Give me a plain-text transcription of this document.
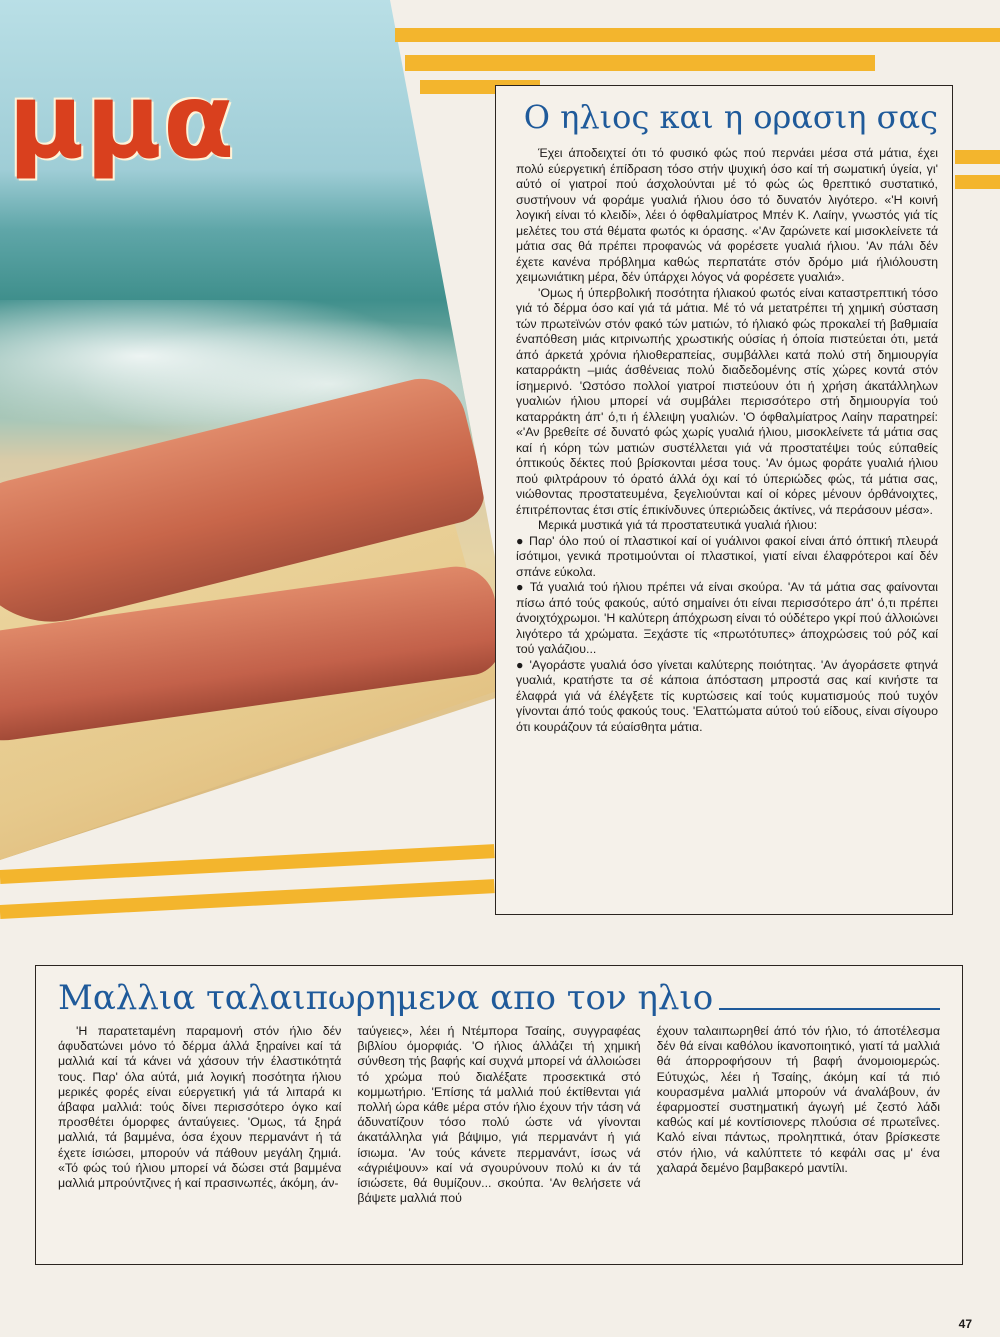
μμα	Ο ηλιος και η ορασιη σας

Έχει άποδειχτεί ότι τό φυσικό φώς πού περνάει μέσα στά μάτια, έχει πολύ εύεργετική έπίδραση τόσο στήν ψυχική όσο καί τή σωματική ύγεία, γι' αύτό οί γιατροί πού άσχολούνται μέ τό φώς ώς θρεπτικό συστατικό, συστήνουν νά φοράμε γυαλιά ήλιου όσο τό δυνατόν λιγότερο. «'Η κοινή λογική είναι τό κλειδί», λέει ό όφθαλμίατρος Μπέν Κ. Λαίην, γνωστός γιά τίς μελέτες του στά θέματα φωτός κι όρασης. «'Αν ζαρώνετε καί μισοκλείνετε τά μάτια σας θά πρέπει προφανώς νά φορέσετε γυαλιά ήλιου. 'Αν πάλι δέν έχετε κανένα πρόβλημα καθώς περπατάτε στόν δρόμο μιά ήλιόλουστη χειμωνιάτικη μέρα, δέν ύπάρχει λόγος νά φορέσετε γυαλιά».

'Ομως ή ύπερβολική ποσότητα ήλιακού φωτός είναι καταστρεπτική τόσο γιά τό δέρμα όσο καί γιά τά μάτια. Μέ τό νά μετατρέπει τή χημική σύσταση τών πρωτεϊνών στόν φακό τών ματιών, τό ήλιακό φώς προκαλεί τή βαθμιαία έναπόθεση μιάς κιτρινωπής χρωστικής ούσίας ή όποία πιστεύεται ότι, μετά άπό άρκετά χρόνια ήλιοθεραπείας, συμβάλλει κατά πολύ στή δημιουργία καταρράκτη –μιάς άσθένειας πολύ διαδεδομένης στίς χώρες κοντά στόν ίσημερινό. 'Ωστόσο πολλοί γιατροί πιστεύουν ότι ή χρήση άκατάλληλων γυαλιών ήλιου μπορεί νά συμβάλει περισσότερο στή δημιουργία τού καταρράκτη άπ' ό,τι ή έλλειψη γυαλιών. 'Ο όφθαλμίατρος Λαίην παρατηρεί: «'Αν βρεθείτε σέ δυνατό φώς χωρίς γυαλιά ήλιου, μισοκλείνετε τά μάτια σας καί ή κόρη τών ματιών συστέλλεται γιά νά προστατέψει τούς εύπαθείς όπτικούς δέκτες πού βρίσκονται μέσα τους. 'Αν όμως φοράτε γυαλιά ήλιου πού φιλτράρουν τό όρατό άλλά όχι καί τό ύπεριώδες φώς, τά μάτια σας, νιώθοντας προστατευμένα, ξεγελιούνται καί οί κόρες μένουν όρθάνοιχτες, έπιτρέποντας έτσι στίς έπικίνδυνες ύπεριώδεις άκτίνες, νά περάσουν μέσα».

Μερικά μυστικά γιά τά προστατευτικά γυαλιά ήλιου:

● Παρ' όλο πού οί πλαστικοί καί οί γυάλινοι φακοί είναι άπό όπτική πλευρά ίσότιμοι, γενικά προτιμούνται οί πλαστικοί, γιατί είναι έλαφρότεροι καί δέν σπάνε εύκολα.

● Τά γυαλιά τού ήλιου πρέπει νά είναι σκούρα. 'Αν τά μάτια σας φαίνονται πίσω άπό τούς φακούς, αύτό σημαίνει ότι είναι περισσότερο άπ' ό,τι πρέπει άνοιχτόχρωμοι. 'Η καλύτερη άπόχρωση είναι τό ούδέτερο γκρί πού άλλοιώνει λιγότερο τά χρώματα. Ξεχάστε τίς «πρωτότυπες» άποχρώσεις τού ρόζ καί τού γαλάζιου...

● 'Αγοράστε γυαλιά όσο γίνεται καλύτερης ποιότητας. 'Αν άγοράσετε φτηνά γυαλιά, κρατήστε τα σέ κάποια άπόσταση μπροστά σας καί κινήστε τα έλαφρά γιά νά έλέγξετε τίς κυρτώσεις καί τούς κυματισμούς πού τυχόν γίνονται άπό τούς φακούς τους. 'Ελαττώματα αύτού τού είδους, είναι σίγουρο ότι κουράζουν τά εύαίσθητα μάτια.

Μαλλια ταλαιπωρημενα απο τον ηλιο

'Η παρατεταμένη παραμονή στόν ήλιο δέν άφυδατώνει μόνο τό δέρμα άλλά ξηραίνει καί τά μαλλιά καί τά κάνει νά χάσουν τήν έλαστικότητά τους. Παρ' όλα αύτά, μιά λογική ποσότητα ήλιου μερικές φορές είναι εύεργετική γιά τά λιπαρά κι άβαφα μαλλιά: τούς δίνει περισσότερο όγκο καί προσθέτει όμορφες άνταύγειες. 'Ομως, τά ξηρά μαλλιά, τά βαμμένα, όσα έχουν περμανάντ ή τά έχετε ίσιώσει, μπορούν νά πάθουν μεγάλη ζημιά. «Τό φώς τού ήλιου μπορεί νά δώσει στά βαμμένα μαλλιά μπρούντζινες ή καί πρασινωπές, άκόμη, άν-

ταύγειες», λέει ή Ντέμπορα Τσαίης, συγγραφέας βιβλίου όμορφιάς. 'Ο ήλιος άλλάζει τή χημική σύνθεση τής βαφής καί συχνά μπορεί νά άλλοιώσει τό χρώμα πού διαλέξατε προσεκτικά στό κομμωτήριο. 'Επίσης τά μαλλιά πού έκτίθενται γιά πολλή ώρα κάθε μέρα στόν ήλιο έχουν τήν τάση νά άδυνατίζουν τόσο πολύ ώστε νά γίνονται άκατάλληλα γιά βάψιμο, γιά περμανάντ ή γιά ίσιωμα. 'Αν τούς κάνετε περμανάντ, ίσως νά «άγριέψουν» καί νά σγουρύνουν πολύ κι άν τά ίσιώσετε, θά θυμίζουν... σκούπα. 'Αν θελήσετε νά βάψετε μαλλιά πού

έχουν ταλαιπωρηθεί άπό τόν ήλιο, τό άποτέλεσμα δέν θά είναι καθόλου ίκανοποιητικό, γιατί τά μαλλιά θά άπορροφήσουν τή βαφή άνομοιομερώς. Εύτυχώς, λέει ή Τσαίης, άκόμη καί τά πιό κουρασμένα μαλλιά μπορούν νά άναλάβουν, άν έφαρμοστεί συστηματική άγωγή μέ ζεστό λάδι καθώς καί μέ κοντίσιονερς πλούσια σέ πρωτεΐνες. Καλό είναι πάντως, προληπτικά, όταν βρίσκεστε στόν ήλιο, νά καλύπτετε τό κεφάλι σας μ' ένα χαλαρά δεμένο βαμβακερό μαντίλι.

47
